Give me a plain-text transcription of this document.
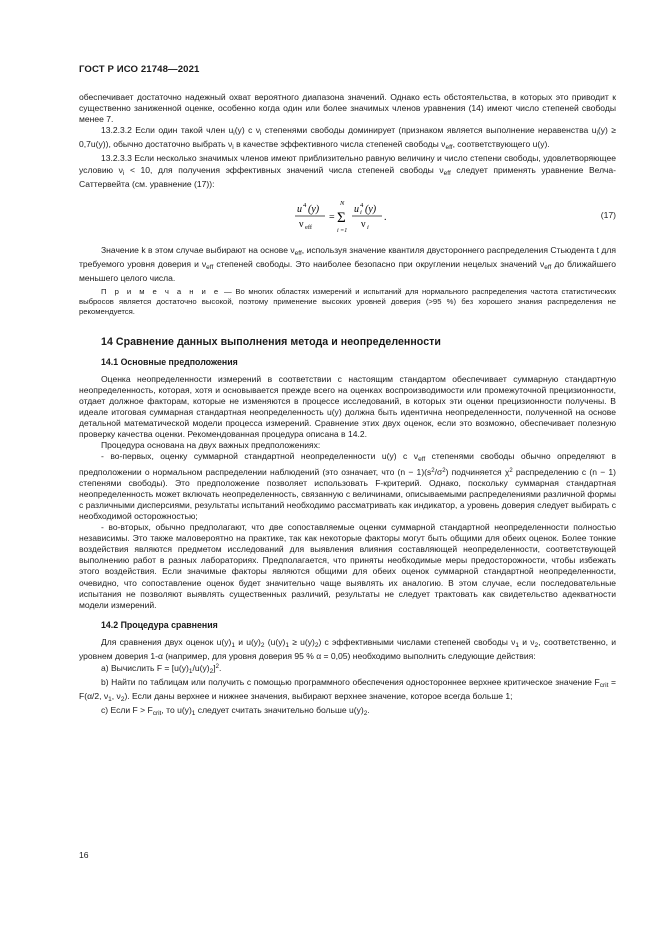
ГОСТ Р ИСО 21748—2021

обеспечивает достаточно надежный охват вероятного диапазона значений. Однако есть обстоятельства, в которых это приводит к существенно заниженной оценке, особенно когда один или более значимых членов уравнения (14) имеют число степеней свободы менее 7.

13.2.3.2 Если один такой член $u_i(y)$ с $\nu_i$ степенями свободы доминирует (признаком является выполнение неравенства $u_i(y) \ge 0,7u(y)$), обычно достаточно выбрать $\nu_i$ в качестве эффективного числа степеней свободы $\nu_{eff}$, соответствующего u(y).

13.2.3.3 Если несколько значимых членов имеют приблизительно равную величину и число степени свободы, удовлетворяющее условию $\nu_i < 10$, для получения эффективных значений числа степеней свободы $\nu_{eff}$ следует применять уравнение Велча-Саттервейта (см. уравнение (17)):

u 4 (y)
ν eff
=
N
Σ
i =1
u 4
i (y)
ν i
.	(17)

Значение k в этом случае выбирают на основе $\nu_{eff}$, используя значение квантиля двустороннего распределения Стьюдента t для требуемого уровня доверия и $\nu_{eff}$ степеней свободы. Это наиболее безопасно при округлении нецелых значений $\nu_{eff}$ до ближайшего меньшего целого числа.

П р и м е ч а н и е — Во многих областях измерений и испытаний для нормального распределения частота статистических выбросов является достаточно высокой, поэтому применение высоких уровней доверия (>95 %) без хорошего знания распределения не рекомендуется.

14 Сравнение данных выполнения метода и неопределенности
14.1 Основные предположения

Оценка неопределенности измерений в соответствии с настоящим стандартом обеспечивает суммарную стандартную неопределенность, которая, хотя и основывается прежде всего на оценках воспроизводимости или промежуточной прецизионности, отдает должное факторам, которые не изменяются в процессе исследований, в которых эти оценки прецизионности получены. В идеале итоговая суммарная стандартная неопределенность u(y) должна быть идентична неопределенности, полученной на основе детальной математической модели процесса измерений. Сравнение этих двух оценок, если это возможно, обеспечивает полезную проверку качества оценки. Рекомендованная процедура описана в 14.2.

Процедура основана на двух важных предположениях:

- во-первых, оценку суммарной стандартной неопределенности u(y) с $\nu_{eff}$ степенями свободы обычно определяют в предположении о нормальном распределении наблюдений (это означает, что $(n - 1)(s^2/\sigma^2)$ подчиняется $\chi^2$ распределению с (n − 1) степенями свободы). Это предположение позволяет использовать F-критерий. Однако, поскольку суммарная стандартная неопределенность может включать неопределенность, связанную с величинами, описываемыми распределениями различной формы с различными дисперсиями, результаты испытаний необходимо рассматривать как индикатор, а уровень доверия следует выбирать с необходимой осторожностью;

- во-вторых, обычно предполагают, что две сопоставляемые оценки суммарной стандартной неопределенности полностью независимы. Это также маловероятно на практике, так как некоторые факторы могут быть общими для обеих оценок. Более тонкие воздействия являются предметом исследований для выявления влияния составляющей неопределенности, соответствующей выполнению работ в разных лабораториях. Предполагается, что приняты необходимые меры предосторожности, чтобы избежать этого воздействия. Если значимые факторы являются общими для обеих оценок суммарной стандартной неопределенности, очевидно, что сопоставление оценок будет значительно чаще выявлять их аналогию. В этом случае, если последовательные испытания не позволяют выявлять существенных различий, результаты не следует трактовать как свидетельство адекватности модели измерений.

14.2 Процедура сравнения

Для сравнения двух оценок $u(y)_1$ и $u(y)_2$ $(u(y)_1 \ge u(y)_2)$ с эффективными числами степеней свободы $\nu_1$ и $\nu_2$, соответственно, и уровнем доверия 1-α (например, для уровня доверия 95 % α = 0,05) необходимо выполнить следующие действия:

a) Вычислить $F = [u(y)_1/u(y)_2]^2$.

b) Найти по таблицам или получить с помощью программного обеспечения одностороннее верхнее критическое значение $F_{crit} = F(\alpha/2$, $\nu_1$, $\nu_2$). Если даны верхнее и нижнее значения, выбирают верхнее значение, которое всегда больше 1;

c) Если $F > F_{crit}$, то $u(y)_1$ следует считать значительно больше $u(y)_2$.

16
